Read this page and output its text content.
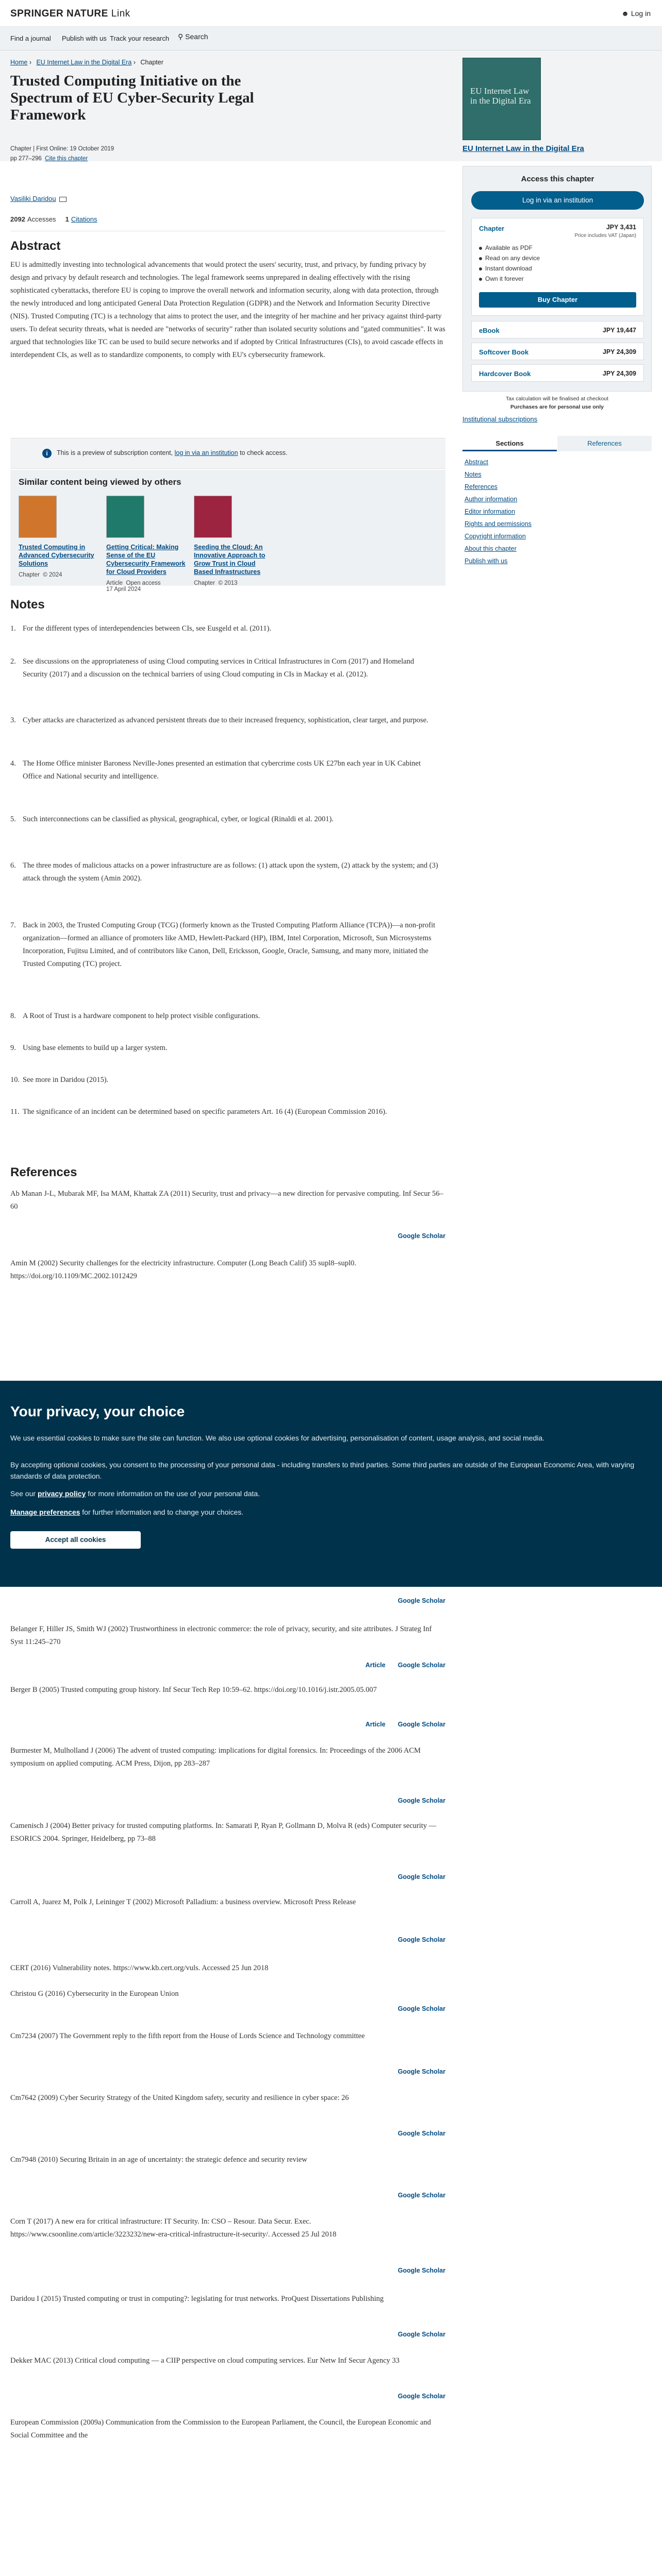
SPRINGER NATURE Link	☻ Log in
Find a journal Publish with us Track your research ⚲ Search
Home › EU Internet Law in the Digital Era › Chapter
Trusted Computing Initiative on the Spectrum of EU Cyber-Security Legal Framework
Chapter | First Online: 19 October 2019
pp 277–296 Cite this chapter
EU Internet Law in the Digital Era
EU Internet Law in the Digital Era
Vasiliki Daridou
2092 Accesses 1 Citations
Abstract

EU is admittedly investing into technological advancements that would protect the users' security, trust, and privacy, by funding privacy by design and privacy by default research and technologies. The legal framework seems unprepared in dealing effectively with the rising sophisticated cyberattacks, therefore EU is coping to improve the overall network and information security, along with data protection, through the newly introduced and long anticipated General Data Protection Regulation (GDPR) and the Network and Information Security Directive (NIS). Trusted Computing (TC) is a technology that aims to protect the user, and the integrity of her machine and her privacy against third-party users. To defeat security threats, what is needed are "networks of security" rather than isolated security solutions and "gated communities". It was argued that technologies like TC can be used to build secure networks and if adopted by Critical Infrastructures (CIs), to avoid cascade effects in interdependent CIs, as well as to standardize components, to comply with EU's cybersecurity framework.

i	This is a preview of subscription content, log in via an institution to check access.
Similar content being viewed by others
Trusted Computing in Advanced Cybersecurity Solutions
Chapter © 2024
Getting Critical: Making Sense of the EU Cybersecurity Framework for Cloud Providers
Article Open access
17 April 2024
Seeding the Cloud: An Innovative Approach to Grow Trust in Cloud Based Infrastructures
Chapter © 2013
Access this chapter
Log in via an institution
Chapter	JPY 3,431
Price includes VAT (Japan)
Available as PDF
Read on any device
Instant download
Own it forever
Buy Chapter
eBook	JPY 19,447
Softcover Book	JPY 24,309
Hardcover Book	JPY 24,309
Tax calculation will be finalised at checkout
Purchases are for personal use only
Institutional subscriptions
Sections	References
Abstract
Notes
References
Author information
Editor information
Rights and permissions
Copyright information
About this chapter
Publish with us
Notes
1. For the different types of interdependencies between CIs, see Eusgeld et al. (2011).
2. See discussions on the appropriateness of using Cloud computing services in Critical Infrastructures in Corn (2017) and Homeland Security (2017) and a discussion on the technical barriers of using Cloud computing in CIs in Mackay et al. (2012).
3. Cyber attacks are characterized as advanced persistent threats due to their increased frequency, sophistication, clear target, and purpose.
4. The Home Office minister Baroness Neville-Jones presented an estimation that cybercrime costs UK £27bn each year in UK Cabinet Office and National security and intelligence.
5. Such interconnections can be classified as physical, geographical, cyber, or logical (Rinaldi et al. 2001).
6. The three modes of malicious attacks on a power infrastructure are as follows: (1) attack upon the system, (2) attack by the system; and (3) attack through the system (Amin 2002).
7. Back in 2003, the Trusted Computing Group (TCG) (formerly known as the Trusted Computing Platform Alliance (TCPA))—a non-profit organization—formed an alliance of promoters like AMD, Hewlett-Packard (HP), IBM, Intel Corporation, Microsoft, Sun Microsystems Incorporation, Fujitsu Limited, and of contributors like Canon, Dell, Ericksson, Google, Oracle, Samsung, and many more, initiated the Trusted Computing (TC) project.
8. A Root of Trust is a hardware component to help protect visible configurations.
9. Using base elements to build up a larger system.
10. See more in Daridou (2015).
11. The significance of an incident can be determined based on specific parameters Art. 16 (4) (European Commission 2016).
References

Ab Manan J-L, Mubarak MF, Isa MAM, Khattak ZA (2011) Security, trust and privacy—a new direction for pervasive computing. Inf Secur 56–60

Google Scholar

Amin M (2002) Security challenges for the electricity infrastructure. Computer (Long Beach Calif) 35 supl8–supl0. https://doi.org/10.1109/MC.2002.1012429

Google Scholar

Belanger F, Hiller JS, Smith WJ (2002) Trustworthiness in electronic commerce: the role of privacy, security, and site attributes. J Strateg Inf Syst 11:245–270

Article Google Scholar

Berger B (2005) Trusted computing group history. Inf Secur Tech Rep 10:59–62. https://doi.org/10.1016/j.istr.2005.05.007

Article Google Scholar

Burmester M, Mulholland J (2006) The advent of trusted computing: implications for digital forensics. In: Proceedings of the 2006 ACM symposium on applied computing. ACM Press, Dijon, pp 283–287

Google Scholar

Camenisch J (2004) Better privacy for trusted computing platforms. In: Samarati P, Ryan P, Gollmann D, Molva R (eds) Computer security — ESORICS 2004. Springer, Heidelberg, pp 73–88

Google Scholar

Carroll A, Juarez M, Polk J, Leininger T (2002) Microsoft Palladium: a business overview. Microsoft Press Release

Google Scholar

CERT (2016) Vulnerability notes. https://www.kb.cert.org/vuls. Accessed 25 Jun 2018

Christou G (2016) Cybersecurity in the European Union

Google Scholar

Cm7234 (2007) The Government reply to the fifth report from the House of Lords Science and Technology committee

Google Scholar

Cm7642 (2009) Cyber Security Strategy of the United Kingdom safety, security and resilience in cyber space: 26

Google Scholar

Cm7948 (2010) Securing Britain in an age of uncertainty: the strategic defence and security review

Google Scholar

Corn T (2017) A new era for critical infrastructure: IT Security. In: CSO – Resour. Data Secur. Exec. https://www.csoonline.com/article/3223232/new-era-critical-infrastructure-it-security/. Accessed 25 Jul 2018

Google Scholar

Daridou I (2015) Trusted computing or trust in computing?: legislating for trust networks. ProQuest Dissertations Publishing

Google Scholar

Dekker MAC (2013) Critical cloud computing — a CIIP perspective on cloud computing services. Eur Netw Inf Secur Agency 33

Google Scholar

European Commission (2009a) Communication from the Commission to the European Parliament, the Council, the European Economic and Social Committee and the

Your privacy, your choice

We use essential cookies to make sure the site can function. We also use optional cookies for advertising, personalisation of content, usage analysis, and social media.

By accepting optional cookies, you consent to the processing of your personal data - including transfers to third parties. Some third parties are outside of the European Economic Area, with varying standards of data protection.

See our privacy policy for more information on the use of your personal data.

Manage preferences for further information and to change your choices.

Accept all cookies
